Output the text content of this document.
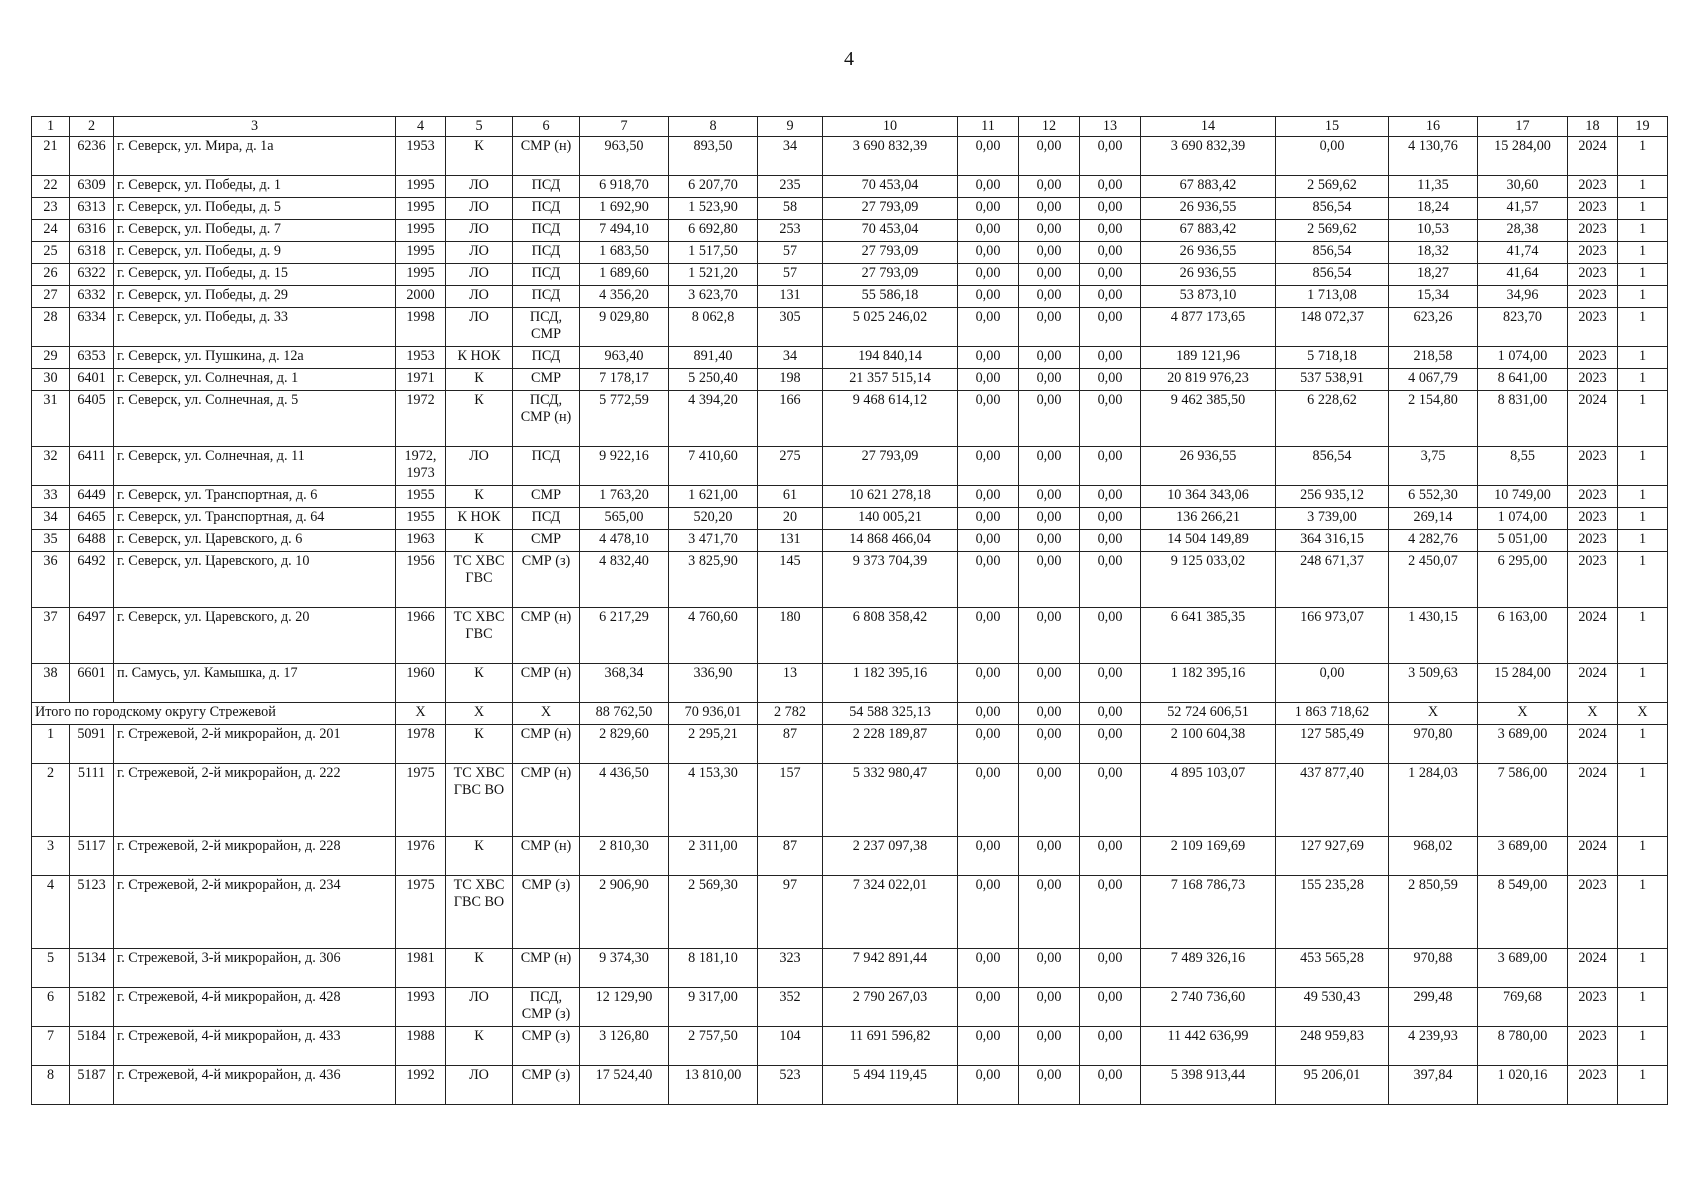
4
1	2	3	4	5	6	7	8	9	10	11	12	13	14	15	16	17	18	19
21	6236	г. Северск, ул. Мира, д. 1а	1953	К	СМР (н)	963,50	893,50	34	3 690 832,39	0,00	0,00	0,00	3 690 832,39	0,00	4 130,76	15 284,00	2024	1
22	6309	г. Северск, ул. Победы, д. 1	1995	ЛО	ПСД	6 918,70	6 207,70	235	70 453,04	0,00	0,00	0,00	67 883,42	2 569,62	11,35	30,60	2023	1
23	6313	г. Северск, ул. Победы, д. 5	1995	ЛО	ПСД	1 692,90	1 523,90	58	27 793,09	0,00	0,00	0,00	26 936,55	856,54	18,24	41,57	2023	1
24	6316	г. Северск, ул. Победы, д. 7	1995	ЛО	ПСД	7 494,10	6 692,80	253	70 453,04	0,00	0,00	0,00	67 883,42	2 569,62	10,53	28,38	2023	1
25	6318	г. Северск, ул. Победы, д. 9	1995	ЛО	ПСД	1 683,50	1 517,50	57	27 793,09	0,00	0,00	0,00	26 936,55	856,54	18,32	41,74	2023	1
26	6322	г. Северск, ул. Победы, д. 15	1995	ЛО	ПСД	1 689,60	1 521,20	57	27 793,09	0,00	0,00	0,00	26 936,55	856,54	18,27	41,64	2023	1
27	6332	г. Северск, ул. Победы, д. 29	2000	ЛО	ПСД	4 356,20	3 623,70	131	55 586,18	0,00	0,00	0,00	53 873,10	1 713,08	15,34	34,96	2023	1
28	6334	г. Северск, ул. Победы, д. 33	1998	ЛО	ПСД,
СМР	9 029,80	8 062,8	305	5 025 246,02	0,00	0,00	0,00	4 877 173,65	148 072,37	623,26	823,70	2023	1
29	6353	г. Северск, ул. Пушкина, д. 12а	1953	К НОК	ПСД	963,40	891,40	34	194 840,14	0,00	0,00	0,00	189 121,96	5 718,18	218,58	1 074,00	2023	1
30	6401	г. Северск, ул. Солнечная, д. 1	1971	К	СМР	7 178,17	5 250,40	198	21 357 515,14	0,00	0,00	0,00	20 819 976,23	537 538,91	4 067,79	8 641,00	2023	1
31	6405	г. Северск, ул. Солнечная, д. 5	1972	К	ПСД,
СМР (н)	5 772,59	4 394,20	166	9 468 614,12	0,00	0,00	0,00	9 462 385,50	6 228,62	2 154,80	8 831,00	2024	1
32	6411	г. Северск, ул. Солнечная, д. 11	1972,
1973	ЛО	ПСД	9 922,16	7 410,60	275	27 793,09	0,00	0,00	0,00	26 936,55	856,54	3,75	8,55	2023	1
33	6449	г. Северск, ул. Транспортная, д. 6	1955	К	СМР	1 763,20	1 621,00	61	10 621 278,18	0,00	0,00	0,00	10 364 343,06	256 935,12	6 552,30	10 749,00	2023	1
34	6465	г. Северск, ул. Транспортная, д. 64	1955	К НОК	ПСД	565,00	520,20	20	140 005,21	0,00	0,00	0,00	136 266,21	3 739,00	269,14	1 074,00	2023	1
35	6488	г. Северск, ул. Царевского, д. 6	1963	К	СМР	4 478,10	3 471,70	131	14 868 466,04	0,00	0,00	0,00	14 504 149,89	364 316,15	4 282,76	5 051,00	2023	1
36	6492	г. Северск, ул. Царевского, д. 10	1956	ТС ХВС
ГВС	СМР (з)	4 832,40	3 825,90	145	9 373 704,39	0,00	0,00	0,00	9 125 033,02	248 671,37	2 450,07	6 295,00	2023	1
37	6497	г. Северск, ул. Царевского, д. 20	1966	ТС ХВС
ГВС	СМР (н)	6 217,29	4 760,60	180	6 808 358,42	0,00	0,00	0,00	6 641 385,35	166 973,07	1 430,15	6 163,00	2024	1
38	6601	п. Самусь, ул. Камышка, д. 17	1960	К	СМР (н)	368,34	336,90	13	1 182 395,16	0,00	0,00	0,00	1 182 395,16	0,00	3 509,63	15 284,00	2024	1
Итого по городскому округу Стрежевой			Х	Х	Х	88 762,50	70 936,01	2 782	54 588 325,13	0,00	0,00	0,00	52 724 606,51	1 863 718,62	Х	Х	Х	Х
1	5091	г. Стрежевой, 2-й микрорайон, д. 201	1978	К	СМР (н)	2 829,60	2 295,21	87	2 228 189,87	0,00	0,00	0,00	2 100 604,38	127 585,49	970,80	3 689,00	2024	1
2	5111	г. Стрежевой, 2-й микрорайон, д. 222	1975	ТС ХВС
ГВС ВО	СМР (н)	4 436,50	4 153,30	157	5 332 980,47	0,00	0,00	0,00	4 895 103,07	437 877,40	1 284,03	7 586,00	2024	1
3	5117	г. Стрежевой, 2-й микрорайон, д. 228	1976	К	СМР (н)	2 810,30	2 311,00	87	2 237 097,38	0,00	0,00	0,00	2 109 169,69	127 927,69	968,02	3 689,00	2024	1
4	5123	г. Стрежевой, 2-й микрорайон, д. 234	1975	ТС ХВС
ГВС ВО	СМР (з)	2 906,90	2 569,30	97	7 324 022,01	0,00	0,00	0,00	7 168 786,73	155 235,28	2 850,59	8 549,00	2023	1
5	5134	г. Стрежевой, 3-й микрорайон, д. 306	1981	К	СМР (н)	9 374,30	8 181,10	323	7 942 891,44	0,00	0,00	0,00	7 489 326,16	453 565,28	970,88	3 689,00	2024	1
6	5182	г. Стрежевой, 4-й микрорайон, д. 428	1993	ЛО	ПСД,
СМР (з)	12 129,90	9 317,00	352	2 790 267,03	0,00	0,00	0,00	2 740 736,60	49 530,43	299,48	769,68	2023	1
7	5184	г. Стрежевой, 4-й микрорайон, д. 433	1988	К	СМР (з)	3 126,80	2 757,50	104	11 691 596,82	0,00	0,00	0,00	11 442 636,99	248 959,83	4 239,93	8 780,00	2023	1
8	5187	г. Стрежевой, 4-й микрорайон, д. 436	1992	ЛО	СМР (з)	17 524,40	13 810,00	523	5 494 119,45	0,00	0,00	0,00	5 398 913,44	95 206,01	397,84	1 020,16	2023	1
